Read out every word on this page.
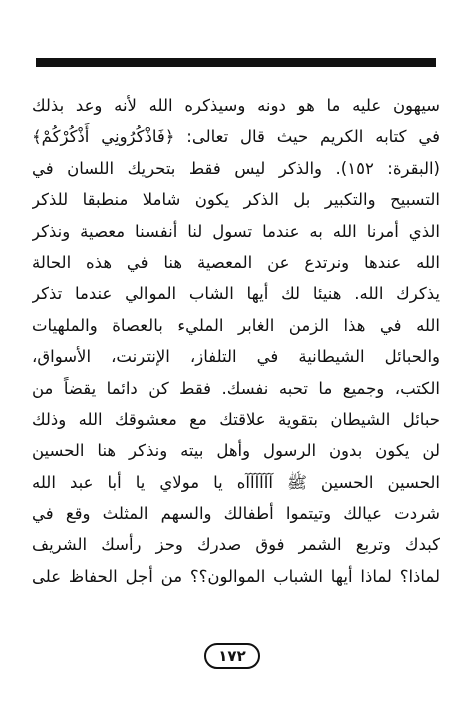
سيهون عليه ما هو دونه وسيذكره الله لأنه وعد بذلك
في كتابه الكريم حيث قال تعالى: ﴿فَاذْكُرُونِي أَذْكُرْكُمْ﴾
(البقرة: ١٥٢). والذكر ليس فقط بتحريك اللسان في
التسبيح والتكبير بل الذكر يكون شاملا منطبقا للذكر
الذي أمرنا الله به عندما تسول لنا أنفسنا معصية ونذكر
الله عندها ونرتدع عن المعصية هنا في هذه الحالة
يذكرك الله. هنيئا لك أيها الشاب الموالي عندما تذكر
الله في هذا الزمن الغابر المليء بالعصاة والملهيات
والحبائل الشيطانية في التلفاز، الإنترنت، الأسواق،
الكتب، وجميع ما تحبه نفسك. فقط كن دائما يقضاً من
حبائل الشيطان بتقوية علاقتك مع معشوقك الله وذلك
لن يكون بدون الرسول وأهل بيته ونذكر هنا الحسين
الحسين الحسين ﷺ آآآآآآه يا مولاي يا أبا عبد الله
شردت عيالك وتيتموا أطفالك والسهم المثلث وقع في
كبدك وتربع الشمر فوق صدرك وحز رأسك الشريف
لماذا؟ لماذا أيها الشباب الموالون؟؟ من أجل الحفاظ على
١٧٢
